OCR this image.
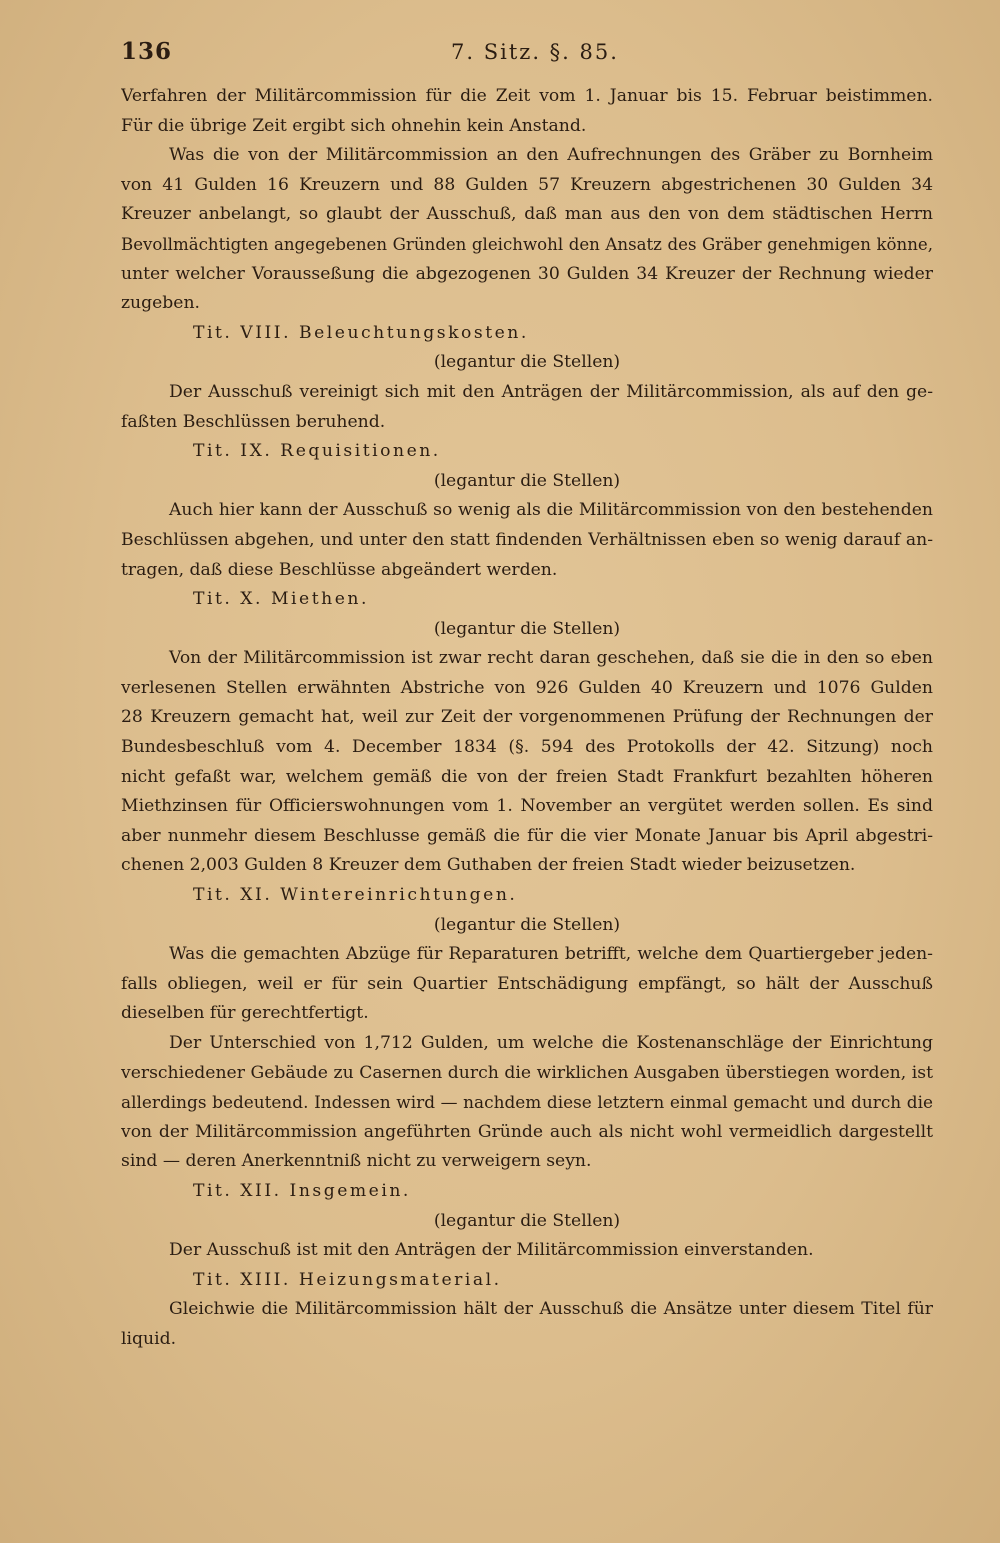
136	7. Sitz. §. 85.
Verfahren der Militärcommission für die Zeit vom 1. Januar bis 15. Februar beistimmen.
Für die übrige Zeit ergibt sich ohnehin kein Anstand.
Was die von der Militärcommission an den Aufrechnungen des Gräber zu Bornheim
von 41 Gulden 16 Kreuzern und 88 Gulden 57 Kreuzern abgestrichenen 30 Gulden 34
Kreuzer anbelangt, so glaubt der Ausschuß, daß man aus den von dem städtischen Herrn
Bevollmächtigten angegebenen Gründen gleichwohl den Ansatz des Gräber genehmigen könne,
unter welcher Vorausseßung die abgezogenen 30 Gulden 34 Kreuzer der Rechnung wieder
zugeben.
Tit. VIII. Beleuchtungskosten.
(legantur die Stellen)
Der Ausschuß vereinigt sich mit den Anträgen der Militärcommission, als auf den ge-
faßten Beschlüssen beruhend.
Tit. IX. Requisitionen.
(legantur die Stellen)
Auch hier kann der Ausschuß so wenig als die Militärcommission von den bestehenden
Beschlüssen abgehen, und unter den statt findenden Verhältnissen eben so wenig darauf an-
tragen, daß diese Beschlüsse abgeändert werden.
Tit. X. Miethen.
(legantur die Stellen)
Von der Militärcommission ist zwar recht daran geschehen, daß sie die in den so eben
verlesenen Stellen erwähnten Abstriche von 926 Gulden 40 Kreuzern und 1076 Gulden
28 Kreuzern gemacht hat, weil zur Zeit der vorgenommenen Prüfung der Rechnungen der
Bundesbeschluß vom 4. December 1834 (§. 594 des Protokolls der 42. Sitzung) noch
nicht gefaßt war, welchem gemäß die von der freien Stadt Frankfurt bezahlten höheren
Miethzinsen für Officierswohnungen vom 1. November an vergütet werden sollen. Es sind
aber nunmehr diesem Beschlusse gemäß die für die vier Monate Januar bis April abgestri-
chenen 2,003 Gulden 8 Kreuzer dem Guthaben der freien Stadt wieder beizusetzen.
Tit. XI. Wintereinrichtungen.
(legantur die Stellen)
Was die gemachten Abzüge für Reparaturen betrifft, welche dem Quartiergeber jeden-
falls obliegen, weil er für sein Quartier Entschädigung empfängt, so hält der Ausschuß
dieselben für gerechtfertigt.
Der Unterschied von 1,712 Gulden, um welche die Kostenanschläge der Einrichtung
verschiedener Gebäude zu Casernen durch die wirklichen Ausgaben überstiegen worden, ist
allerdings bedeutend. Indessen wird — nachdem diese letztern einmal gemacht und durch die
von der Militärcommission angeführten Gründe auch als nicht wohl vermeidlich dargestellt
sind — deren Anerkenntniß nicht zu verweigern seyn.
Tit. XII. Insgemein.
(legantur die Stellen)
Der Ausschuß ist mit den Anträgen der Militärcommission einverstanden.
Tit. XIII. Heizungsmaterial.
Gleichwie die Militärcommission hält der Ausschuß die Ansätze unter diesem Titel für
liquid.
